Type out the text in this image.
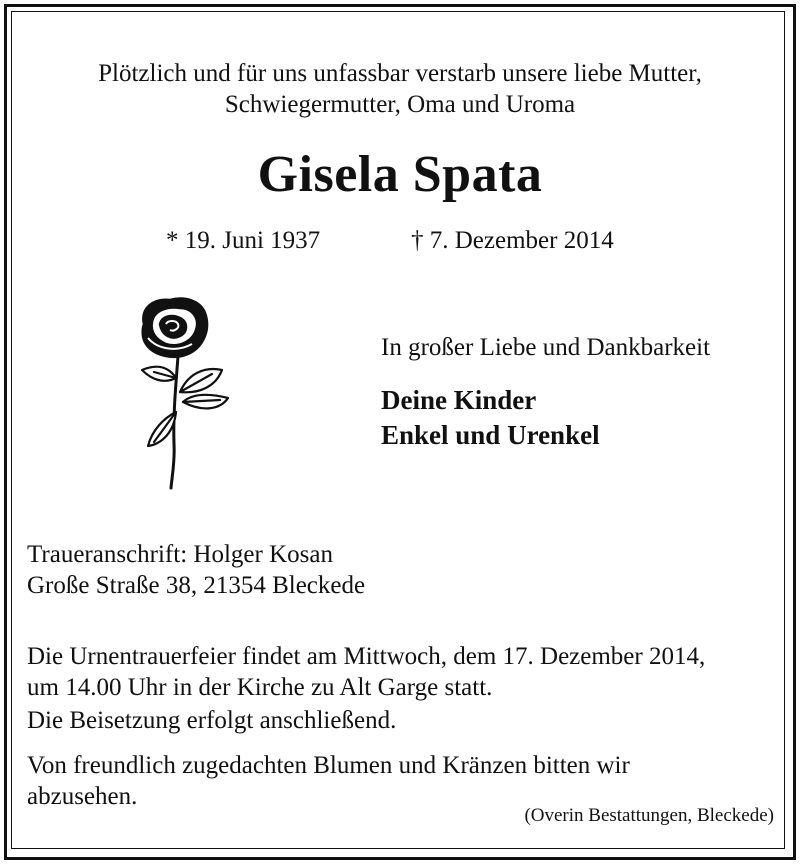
Plötzlich und für uns unfassbar verstarb unsere liebe Mutter,
Schwiegermutter, Oma und Uroma
Gisela Spata
* 19. Juni 1937	† 7. Dezember 2014
In großer Liebe und Dankbarkeit
Deine Kinder
Enkel und Urenkel
Traueranschrift: Holger Kosan
Große Straße 38, 21354 Bleckede
Die Urnentrauerfeier findet am Mittwoch, dem 17. Dezember 2014,
um 14.00 Uhr in der Kirche zu Alt Garge statt.
Die Beisetzung erfolgt anschließend.
Von freundlich zugedachten Blumen und Kränzen bitten wir
abzusehen.
(Overin Bestattungen, Bleckede)
